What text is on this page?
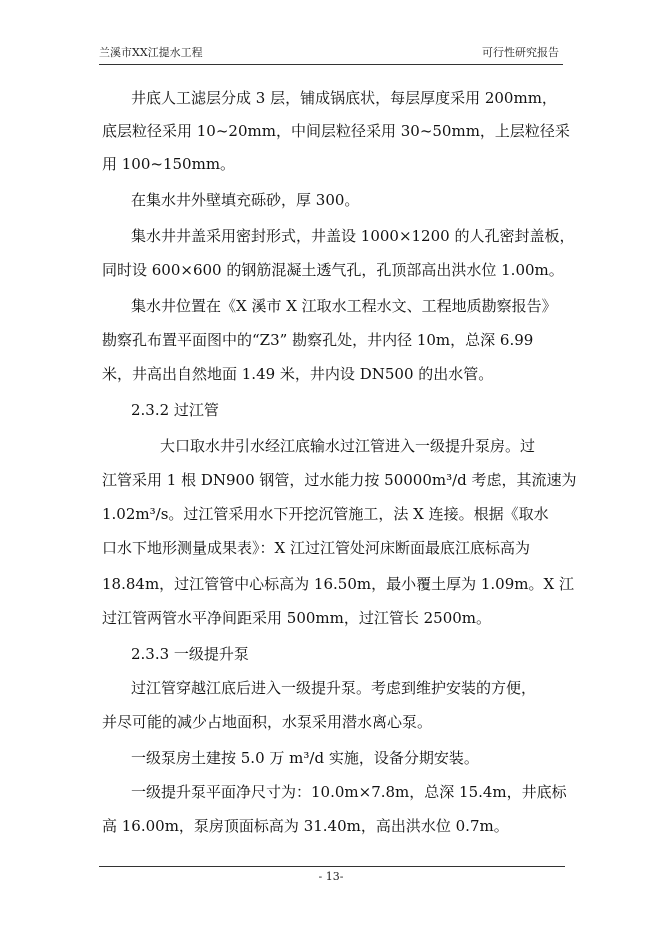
兰溪市XX江提水工程	可行性研究报告
井底人工滤层分成 3 层，铺成锅底状，每层厚度采用 200mm，
底层粒径采用 10~20mm，中间层粒径采用 30~50mm，上层粒径采
用 100~150mm。
在集水井外壁填充砾砂，厚 300。
集水井井盖采用密封形式，井盖设 1000×1200 的人孔密封盖板，
同时设 600×600 的钢筋混凝土透气孔，孔顶部高出洪水位 1.00m。
集水井位置在《X 溪市 X 江取水工程水文、工程地质勘察报告》
勘察孔布置平面图中的“Z3” 勘察孔处，井内径 10m，总深 6.99
米，井高出自然地面 1.49 米，井内设 DN500 的出水管。
2.3.2 过江管
大口取水井引水经江底输水过江管进入一级提升泵房。过
江管采用 1 根 DN900 钢管，过水能力按 50000m³/d 考虑，其流速为
1.02m³/s。过江管采用水下开挖沉管施工，法 X 连接。根据《取水
口水下地形测量成果表》：X 江过江管处河床断面最底江底标高为
18.84m，过江管管中心标高为 16.50m，最小覆土厚为 1.09m。X 江
过江管两管水平净间距采用 500mm，过江管长 2500m。
2.3.3 一级提升泵
过江管穿越江底后进入一级提升泵。考虑到维护安装的方便，
并尽可能的减少占地面积，水泵采用潜水离心泵。
一级泵房土建按 5.0 万 m³/d 实施，设备分期安装。
一级提升泵平面净尺寸为：10.0m×7.8m，总深 15.4m，井底标
高 16.00m，泵房顶面标高为 31.40m，高出洪水位 0.7m。
- 13-
